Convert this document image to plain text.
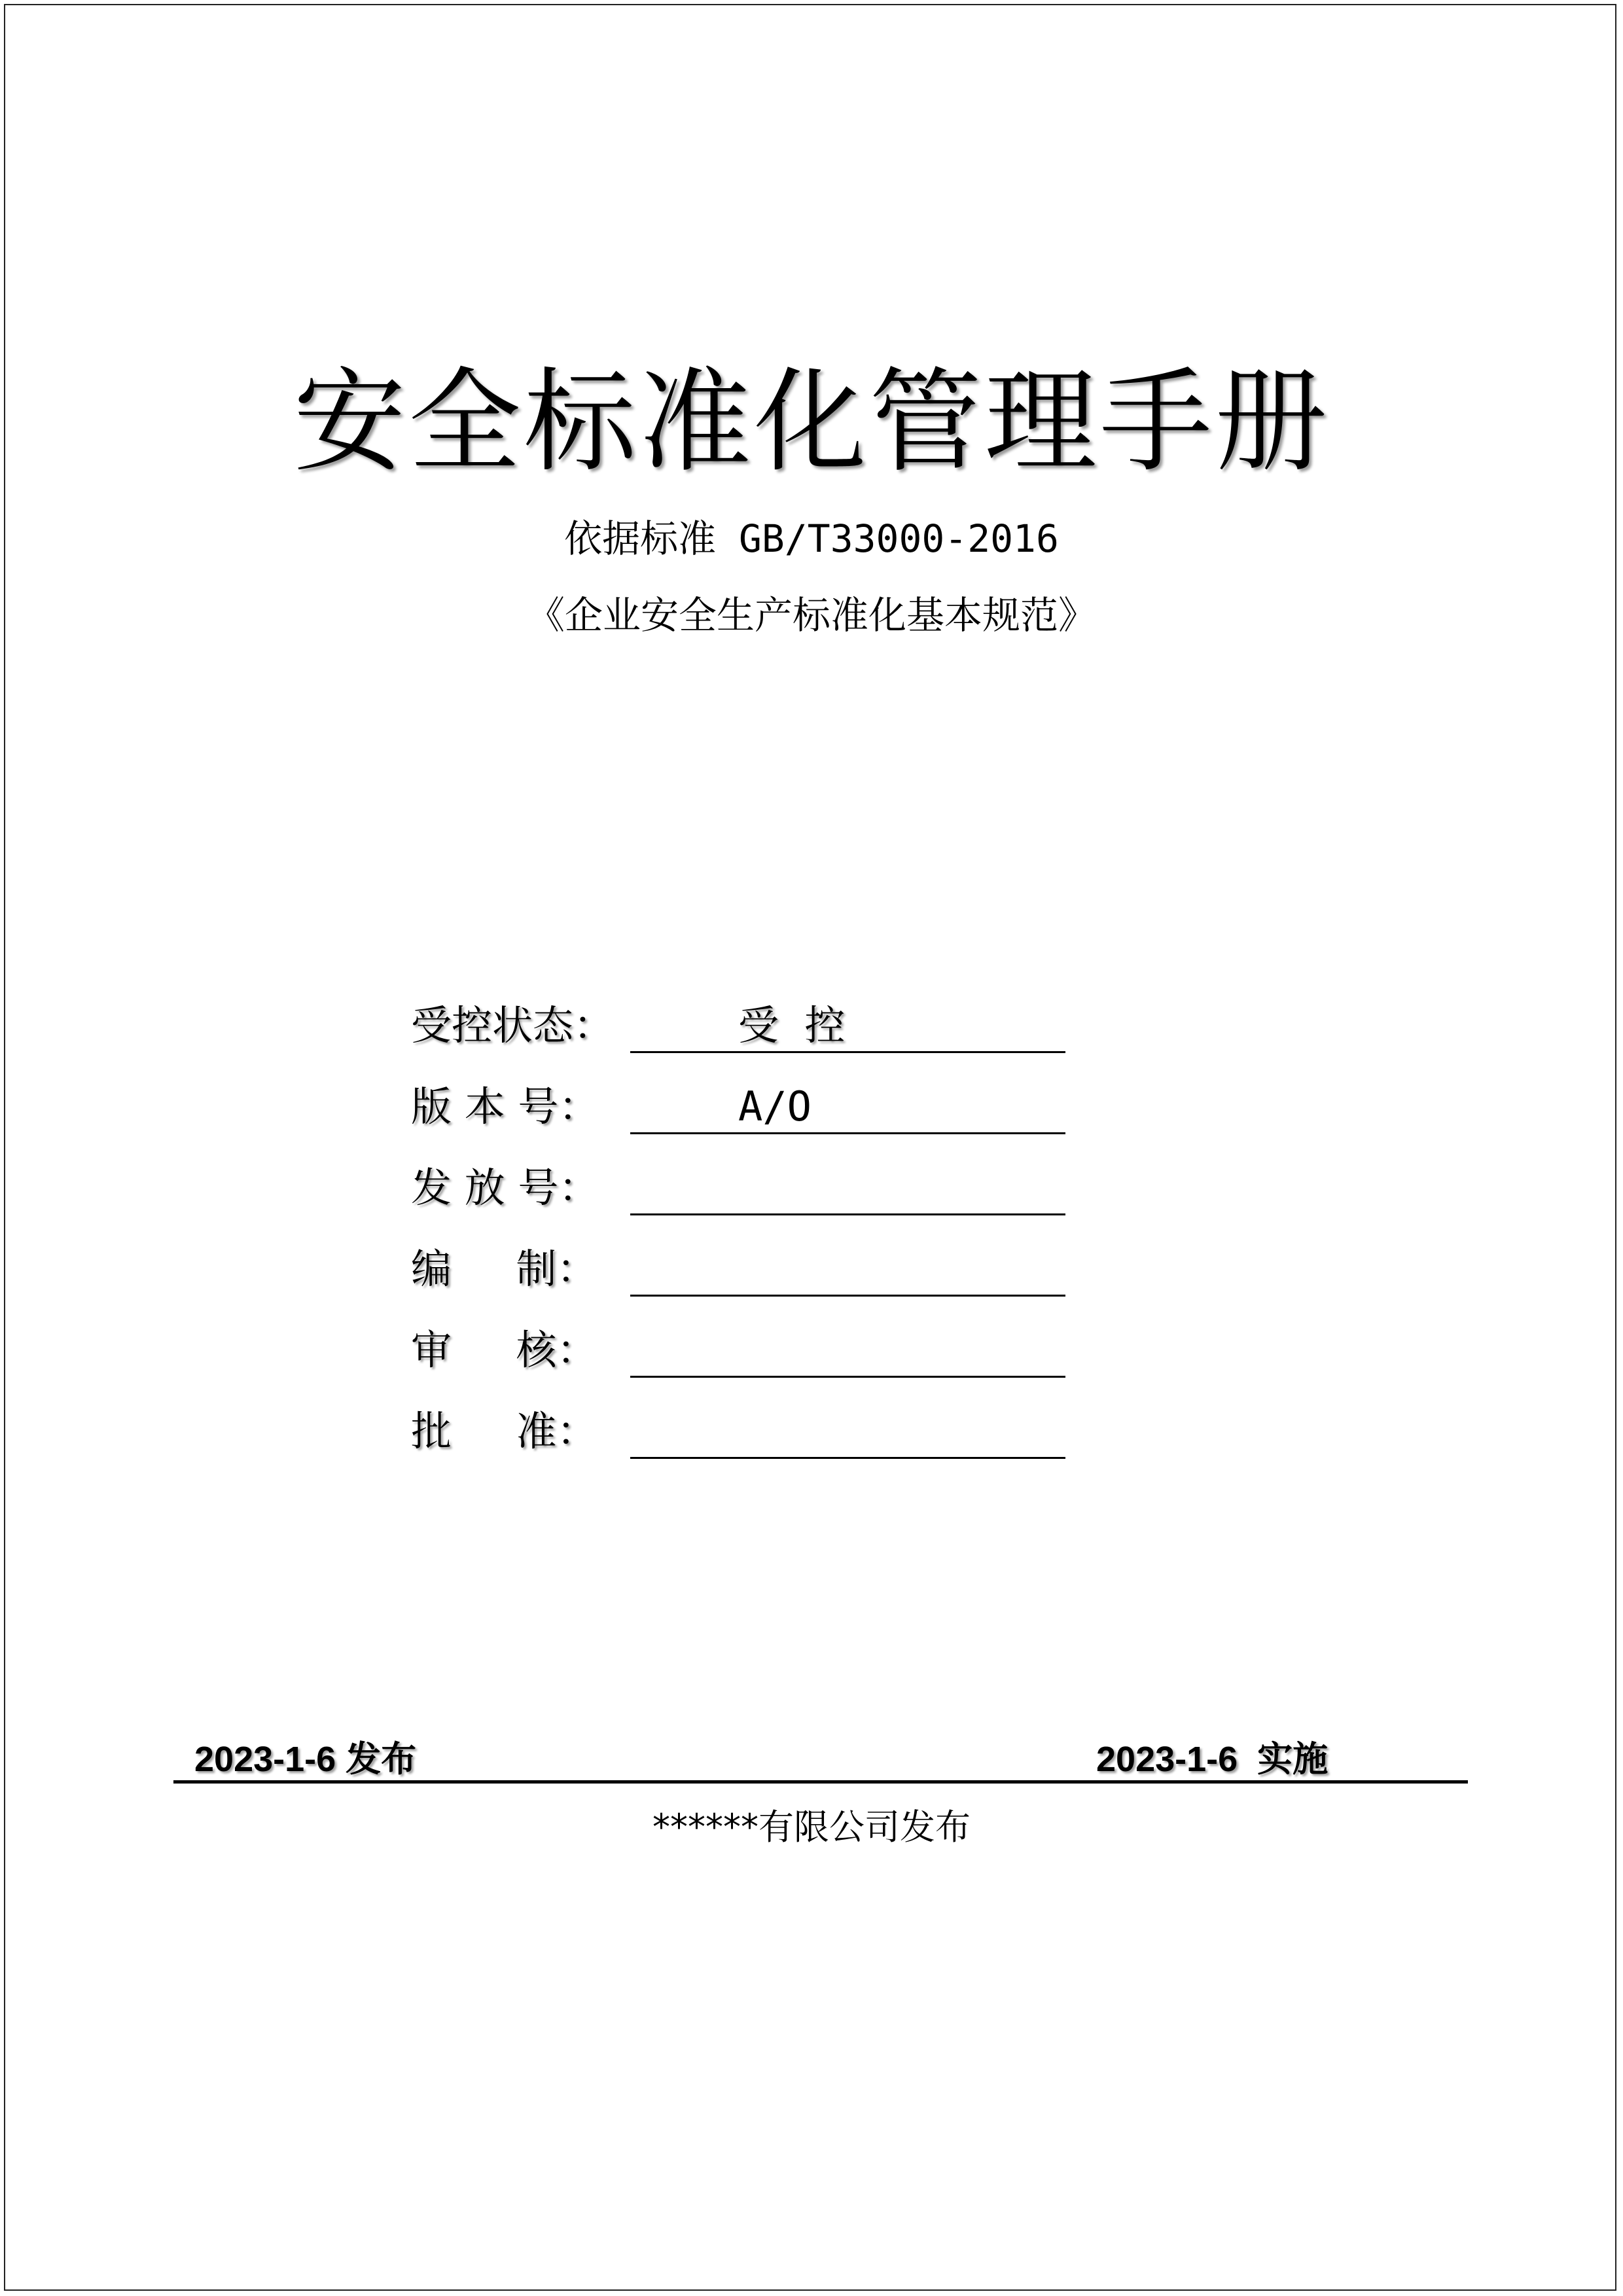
安全标准化管理手册
依据标准 GB/T33000-2016
《企业安全生产标准化基本规范》
受控状态：	受  控
版 本 号：	A/O
发 放 号：
编     制：
审     核：
批     准：
2023-1-6 发布	2023-1-6  实施
******有限公司发布
